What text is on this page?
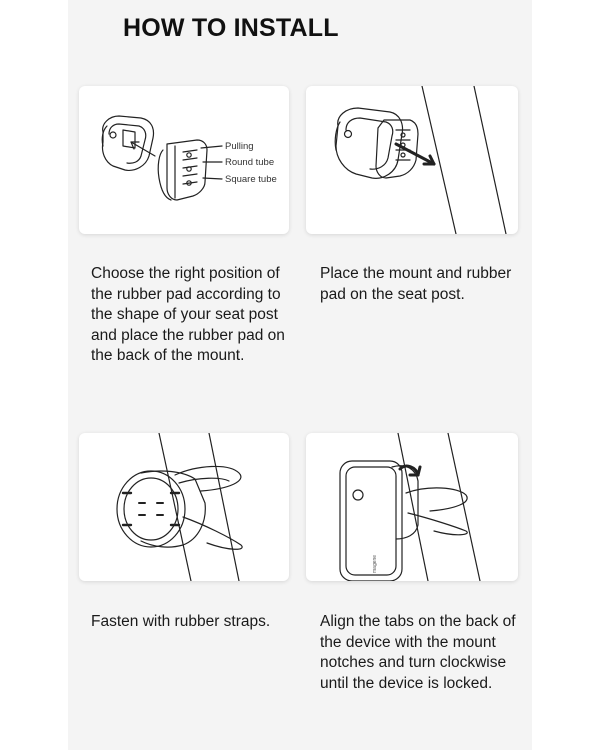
HOW TO INSTALL
Pulling
Round tube
Square tube
Choose the right position of the rubber pad according to the shape of your seat post and place the rubber pad on the back of the mount.
Place the mount and rubber pad on the seat post.
magene
Fasten with rubber straps.	Align the tabs on the back of the device with the mount notches and turn clockwise until the device is locked.
